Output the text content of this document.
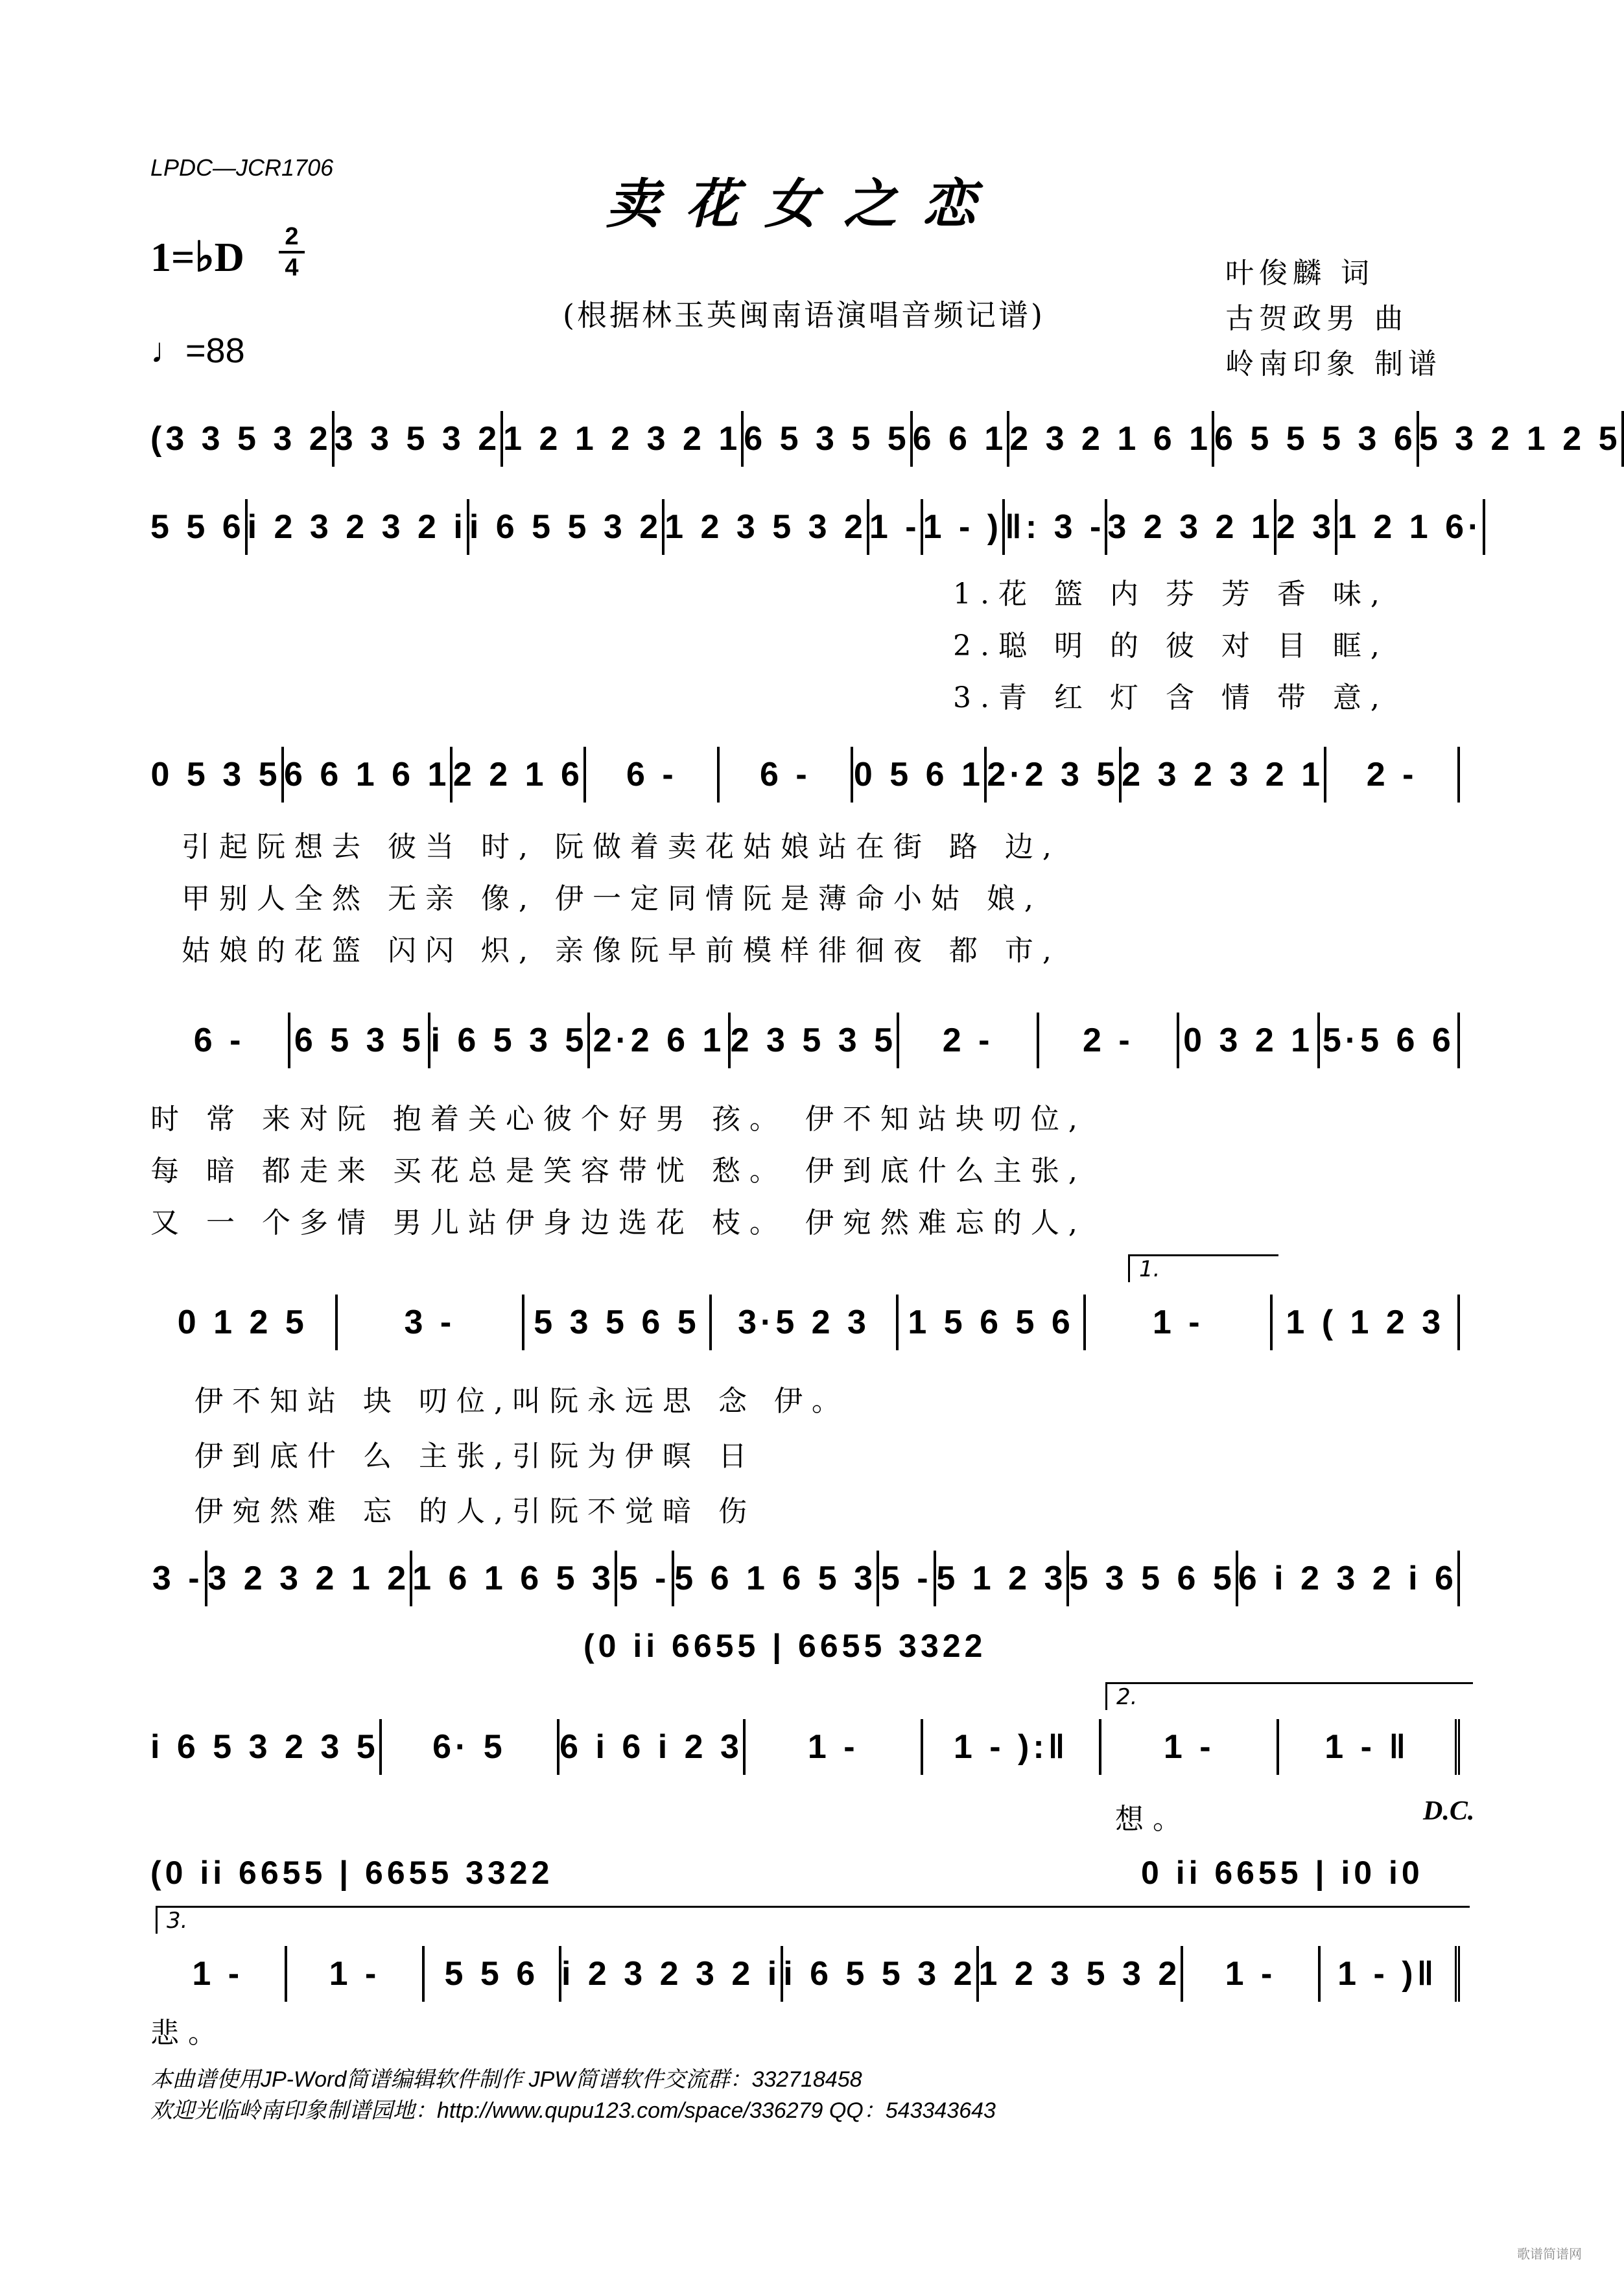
LPDC—JCR1706
卖花女之恋
1=♭D 2
4
(根据林玉英闽南语演唱音频记谱)
♩=88
叶俊麟 词
古贺政男 曲
岭南印象 制谱
(3 3 5 3 2 3 3 5 3 2 1 2 1 2 3 2 1 6 5 3 5 5 6 6 1 2 3 2 1 6 1 6 5 5 5 3 6 5 3 2 1 2 5
5 5 6 i 2 3 2 3 2 i i 6 5 5 3 2 1 2 3 5 3 2 1 - 1 - ) ‖: 3 - 3 2 3 2 1 2 3 1 2 1 6·
1.花 篮 内 芬 芳 香 味,
2.聪 明 的 彼 对 目 眶,
3.青 红 灯 含 情 带 意,
0 5 3 5 6 6 1 6 1 2 2 1 6	6 -	6 -	0 5 6 1 2·2 3 5 2 3 2 3 2 1	2 -
引起阮想去 彼当 时, 阮做着卖花姑娘站在街 路 边,
甲别人全然 无亲 像, 伊一定同情阮是薄命小姑 娘,
姑娘的花篮 闪闪 炽, 亲像阮早前模样徘徊夜 都 市,
6 -	6 5 3 5 i 6 5 3 5 2·2 6 1 2 3 5 3 5	2 -	2 -	0 3 2 1 5·5 6 6
时 常 来对阮 抱着关心彼个好男 孩。 伊不知站块叨位,
每 暗 都走来 买花总是笑容带忧 愁。 伊到底什么主张,
又 一 个多情 男儿站伊身边选花 枝。 伊宛然难忘的人,
1.
0 1 2 5	3 -	5 3 5 6 5	3·5 2 3	1 5 6 5 6	1 -	1 ( 1 2 3
伊不知站 块 叨位,叫阮永远思 念 伊。
伊到底什 么 主张,引阮为伊暝 日
伊宛然难 忘 的人,引阮不觉暗 伤
3 - 3 2 3 2 1 2 1 6 1 6 5 3 5 - 5 6 1 6 5 3 5 - 5 1 2 3 5 3 5 6 5 6 i 2 3 2 i 6
(0 ii 6655 | 6655 3322
2.
i 6 5 3 2 3 5	6· 5	6 i 6 i 2 3	1 -	1 - ):‖	1 -	1 - ‖
想。	D.C.
(0 ii 6655 | 6655 3322	0 ii 6655 | i0 i0
3.
1 -	1 -	5 5 6 i 2 3 2 3 2 i i 6 5 5 3 2 1 2 3 5 3 2	1 -	1 - )‖
悲。
本曲谱使用JP-Word简谱编辑软件制作 JPW简谱软件交流群：332718458
欢迎光临岭南印象制谱园地：http://www.qupu123.com/space/336279 QQ：543343643
歌谱简谱网
